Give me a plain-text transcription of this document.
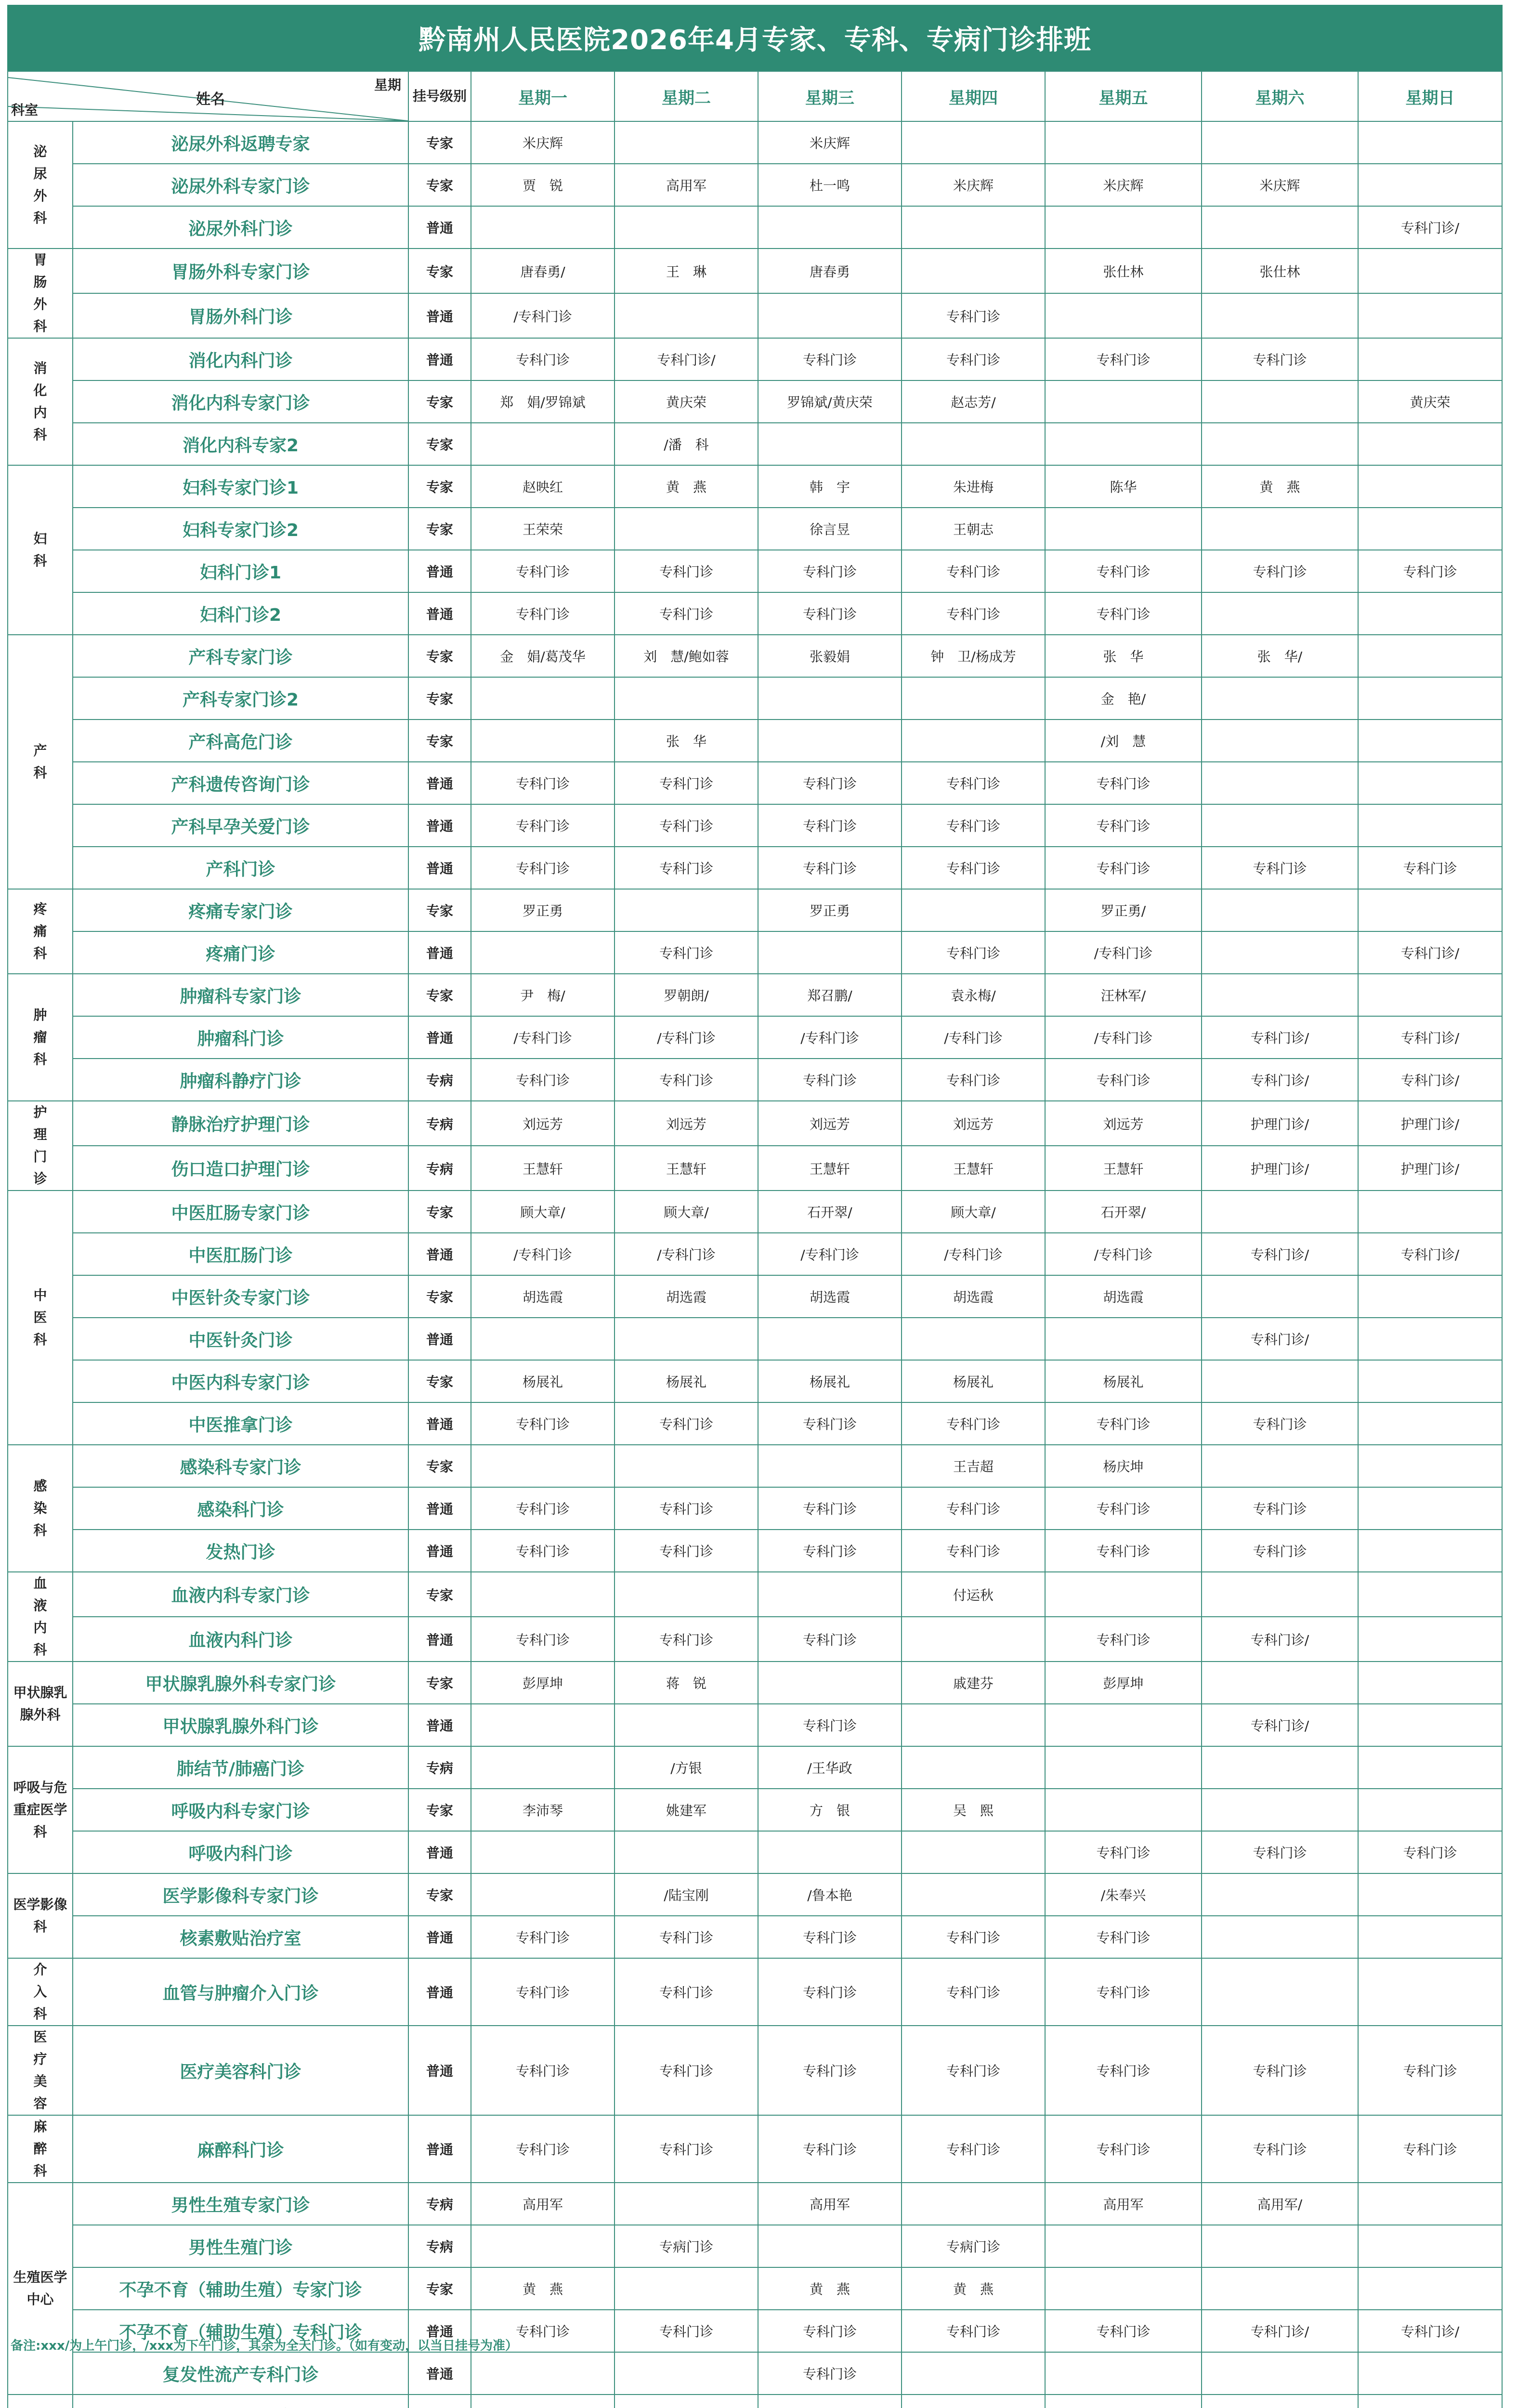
黔南州人民医院2026年4月专家、专科、专病门诊排班
星期
姓名
科室		挂号级别	星期一	星期二	星期三	星期四	星期五	星期六	星期日
泌尿外科	泌尿外科返聘专家	专家	米庆辉		米庆辉				
	泌尿外科专家门诊	专家	贾　锐	高用军	杜一鸣	米庆辉	米庆辉	米庆辉	
	泌尿外科门诊	普通							专科门诊/
胃肠外科	胃肠外科专家门诊	专家	唐春勇/	王　琳	唐春勇		张仕林	张仕林	
	胃肠外科门诊	普通	/专科门诊			专科门诊			
消化内科	消化内科门诊	普通	专科门诊	专科门诊/	专科门诊	专科门诊	专科门诊	专科门诊	
	消化内科专家门诊	专家	郑　娟/罗锦斌	黄庆荣	罗锦斌/黄庆荣	赵志芳/			黄庆荣
	消化内科专家2	专家		/潘　科					
妇科	妇科专家门诊1	专家	赵映红	黄　燕	韩　宇	朱进梅	陈华	黄　燕	
	妇科专家门诊2	专家	王荣荣		徐言昱	王朝志			
	妇科门诊1	普通	专科门诊	专科门诊	专科门诊	专科门诊	专科门诊	专科门诊	专科门诊
	妇科门诊2	普通	专科门诊	专科门诊	专科门诊	专科门诊	专科门诊		
产科	产科专家门诊	专家	金　娟/葛茂华	刘　慧/鲍如蓉	张毅娟	钟　卫/杨成芳	张　华	张　华/	
	产科专家门诊2	专家					金　艳/		
	产科高危门诊	专家		张　华			/刘　慧		
	产科遗传咨询门诊	普通	专科门诊	专科门诊	专科门诊	专科门诊	专科门诊		
	产科早孕关爱门诊	普通	专科门诊	专科门诊	专科门诊	专科门诊	专科门诊		
	产科门诊	普通	专科门诊	专科门诊	专科门诊	专科门诊	专科门诊	专科门诊	专科门诊
疼痛科	疼痛专家门诊	专家	罗正勇		罗正勇		罗正勇/		
	疼痛门诊	普通		专科门诊		专科门诊	/专科门诊		专科门诊/
肿瘤科	肿瘤科专家门诊	专家	尹　梅/	罗朝朗/	郑召鹏/	袁永梅/	汪林军/		
	肿瘤科门诊	普通	/专科门诊	/专科门诊	/专科门诊	/专科门诊	/专科门诊	专科门诊/	专科门诊/
	肿瘤科静疗门诊	专病	专科门诊	专科门诊	专科门诊	专科门诊	专科门诊	专科门诊/	专科门诊/
护理门诊	静脉治疗护理门诊	专病	刘远芳	刘远芳	刘远芳	刘远芳	刘远芳	护理门诊/	护理门诊/
	伤口造口护理门诊	专病	王慧轩	王慧轩	王慧轩	王慧轩	王慧轩	护理门诊/	护理门诊/
中医科	中医肛肠专家门诊	专家	顾大章/	顾大章/	石开翠/	顾大章/	石开翠/		
	中医肛肠门诊	普通	/专科门诊	/专科门诊	/专科门诊	/专科门诊	/专科门诊	专科门诊/	专科门诊/
	中医针灸专家门诊	专家	胡选霞	胡选霞	胡选霞	胡选霞	胡选霞		
	中医针灸门诊	普通						专科门诊/	
	中医内科专家门诊	专家	杨展礼	杨展礼	杨展礼	杨展礼	杨展礼		
	中医推拿门诊	普通	专科门诊	专科门诊	专科门诊	专科门诊	专科门诊	专科门诊	
感染科	感染科专家门诊	专家				王吉超	杨庆坤		
	感染科门诊	普通	专科门诊	专科门诊	专科门诊	专科门诊	专科门诊	专科门诊	
	发热门诊	普通	专科门诊	专科门诊	专科门诊	专科门诊	专科门诊	专科门诊	
血液内科	血液内科专家门诊	专家				付运秋			
	血液内科门诊	普通	专科门诊	专科门诊	专科门诊		专科门诊	专科门诊/	
甲状腺乳腺外科	甲状腺乳腺外科专家门诊	专家	彭厚坤	蒋　锐		戚建芬	彭厚坤		
	甲状腺乳腺外科门诊	普通			专科门诊			专科门诊/	
呼吸与危重症医学科	肺结节/肺癌门诊	专病		/方银	/王华政				
	呼吸内科专家门诊	专家	李沛琴	姚建军	方　银	吴　熙			
	呼吸内科门诊	普通					专科门诊	专科门诊	专科门诊
医学影像科	医学影像科专家门诊	专家		/陆宝刚	/鲁本艳		/朱奉兴		
	核素敷贴治疗室	普通	专科门诊	专科门诊	专科门诊	专科门诊	专科门诊		
介入科	血管与肿瘤介入门诊	普通	专科门诊	专科门诊	专科门诊	专科门诊	专科门诊		
医疗美容	医疗美容科门诊	普通	专科门诊	专科门诊	专科门诊	专科门诊	专科门诊	专科门诊	专科门诊
麻醉科	麻醉科门诊	普通	专科门诊	专科门诊	专科门诊	专科门诊	专科门诊	专科门诊	专科门诊
生殖医学中心	男性生殖专家门诊	专病	高用军		高用军		高用军	高用军/	
	男性生殖门诊	专病		专病门诊		专病门诊			
	不孕不育（辅助生殖）专家门诊	专家	黄　燕		黄　燕	黄　燕			
	不孕不育（辅助生殖）专科门诊	普通	专科门诊	专科门诊	专科门诊	专科门诊	专科门诊	专科门诊/	专科门诊/
	复发性流产专科门诊	普通			专科门诊				

备注:xxx/为上午门诊，/xxx为下午门诊，其余为全天门诊。（如有变动，以当日挂号为准）
